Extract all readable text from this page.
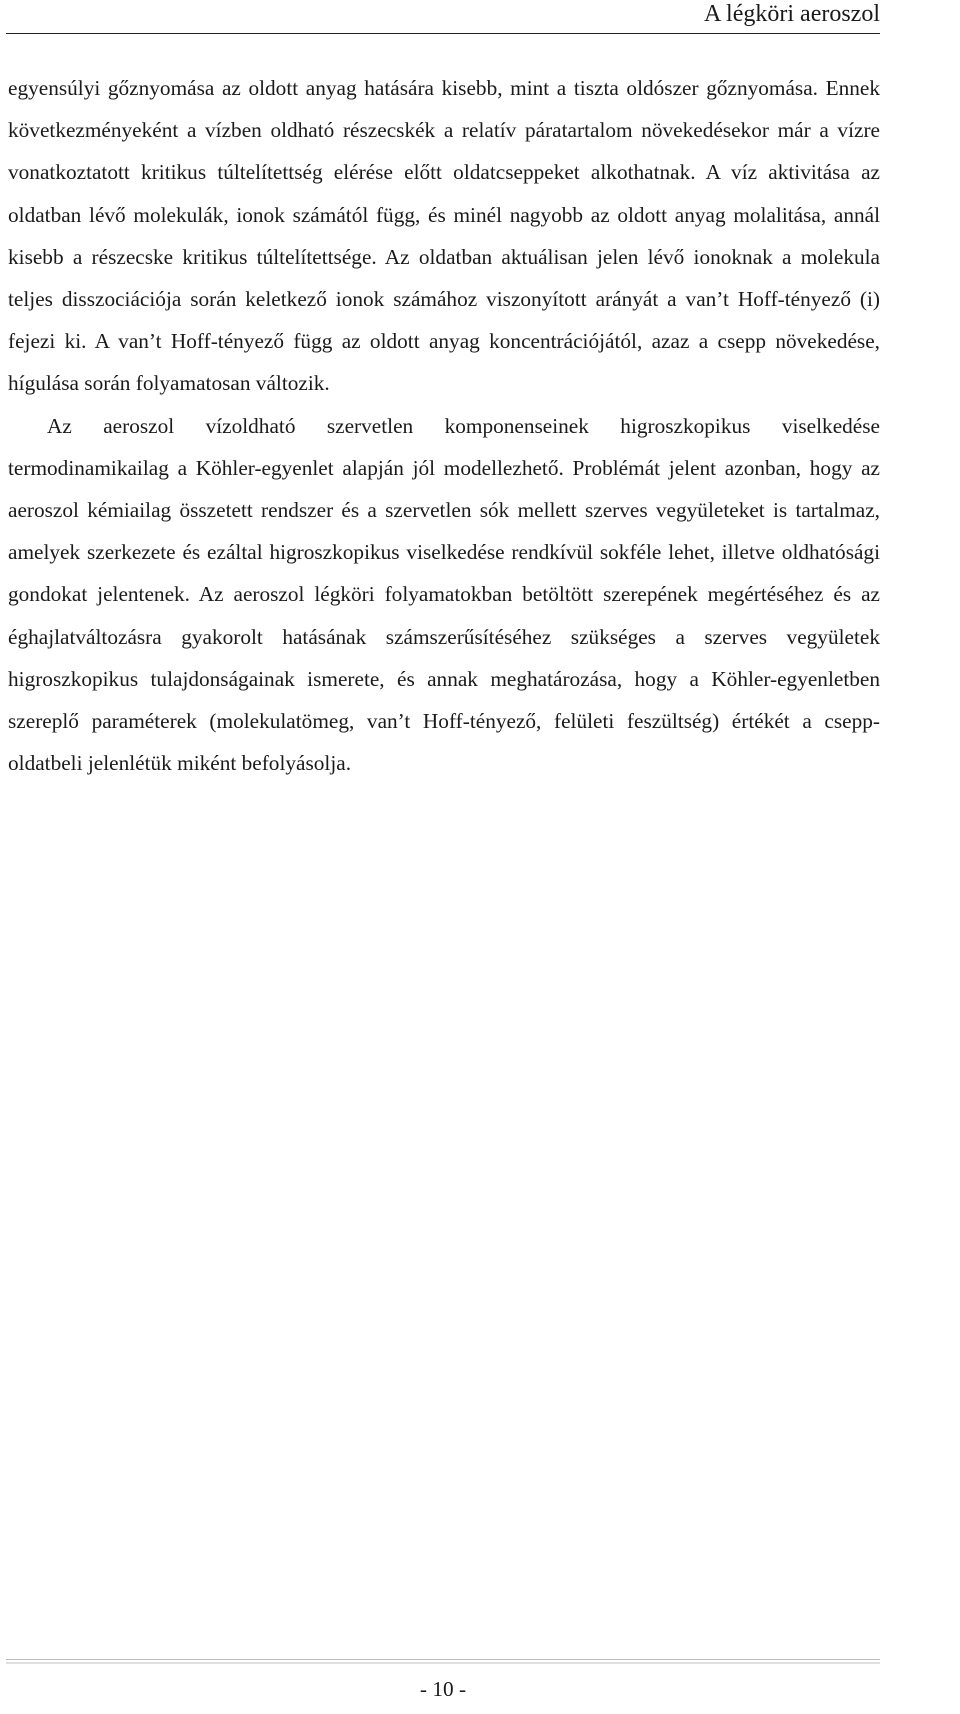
A légköri aeroszol

egyensúlyi gőznyomása az oldott anyag hatására kisebb, mint a tiszta oldószer gőznyomása. Ennek következményeként a vízben oldható részecskék a relatív páratartalom növekedésekor már a vízre vonatkoztatott kritikus túltelítettség elérése előtt oldatcseppeket alkothatnak. A víz aktivitása az oldatban lévő molekulák, ionok számától függ, és minél nagyobb az oldott anyag molalitása, annál kisebb a részecske kritikus túltelítettsége. Az oldatban aktuálisan jelen lévő ionoknak a molekula teljes disszociációja során keletkező ionok számához viszonyított arányát a van’t Hoff-tényező (i) fejezi ki. A van’t Hoff-tényező függ az oldott anyag koncentrációjától, azaz a csepp növekedése, hígulása során folyamatosan változik.

Az aeroszol vízoldható szervetlen komponenseinek higroszkopikus viselkedése termodinamikailag a Köhler-egyenlet alapján jól modellezhető. Problémát jelent azonban, hogy az aeroszol kémiailag összetett rendszer és a szervetlen sók mellett szerves vegyületeket is tartalmaz, amelyek szerkezete és ezáltal higroszkopikus viselkedése rendkívül sokféle lehet, illetve oldhatósági gondokat jelentenek. Az aeroszol légköri folyamatokban betöltött szerepének megértéséhez és az éghajlatváltozásra gyakorolt hatásának számszerűsítéséhez szükséges a szerves vegyületek higroszkopikus tulajdonságainak ismerete, és annak meghatározása, hogy a Köhler-egyenletben szereplő paraméterek (molekulatömeg, van’t Hoff-tényező, felületi feszültség) értékét a csepp-oldatbeli jelenlétük miként befolyásolja.

- 10 -
